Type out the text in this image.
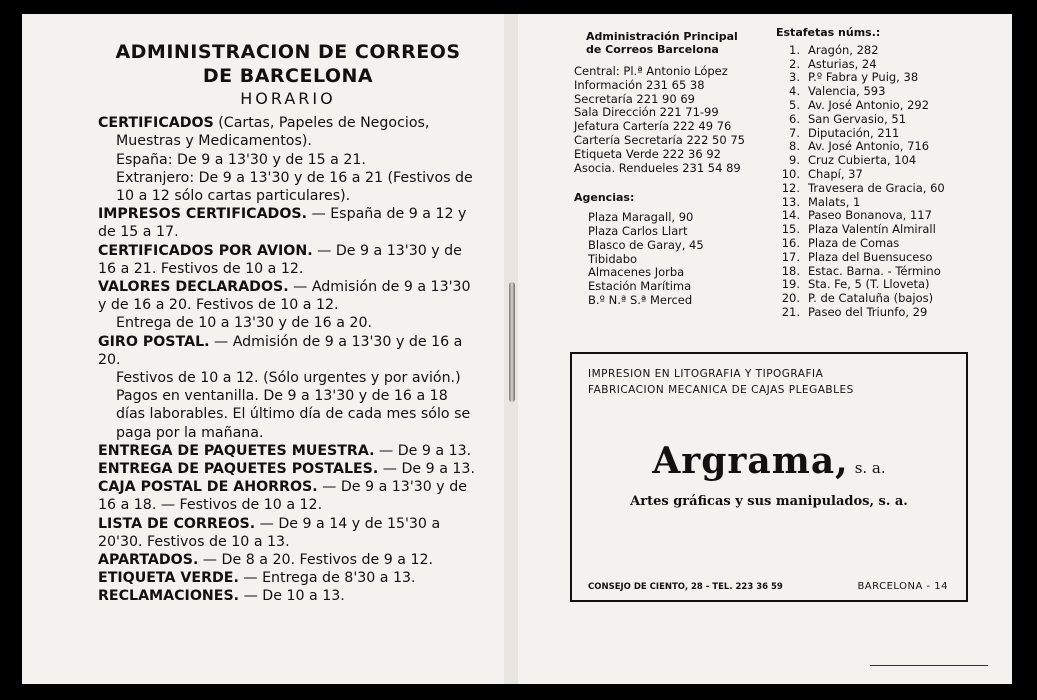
ADMINISTRACION DE CORREOS
DE BARCELONA
HORARIO

CERTIFICADOS (Cartas, Papeles de Negocios,

Muestras y Medicamentos).

España: De 9 a 13'30 y de 15 a 21.

Extranjero: De 9 a 13'30 y de 16 a 21 (Festivos de 10 a 12 sólo cartas particulares).

IMPRESOS CERTIFICADOS. — España de 9 a 12 y de 15 a 17.

CERTIFICADOS POR AVION. — De 9 a 13'30 y de 16 a 21. Festivos de 10 a 12.

VALORES DECLARADOS. — Admisión de 9 a 13'30 y de 16 a 20. Festivos de 10 a 12.

Entrega de 10 a 13'30 y de 16 a 20.

GIRO POSTAL. — Admisión de 9 a 13'30 y de 16 a 20.

Festivos de 10 a 12. (Sólo urgentes y por avión.)

Pagos en ventanilla. De 9 a 13'30 y de 16 a 18 días laborables. El último día de cada mes sólo se paga por la mañana.

ENTREGA DE PAQUETES MUESTRA. — De 9 a 13.

ENTREGA DE PAQUETES POSTALES. — De 9 a 13.

CAJA POSTAL DE AHORROS. — De 9 a 13'30 y de 16 a 18. — Festivos de 10 a 12.

LISTA DE CORREOS. — De 9 a 14 y de 15'30 a 20'30. Festivos de 10 a 13.

APARTADOS. — De 8 a 20. Festivos de 9 a 12.

ETIQUETA VERDE. — Entrega de 8'30 a 13.

RECLAMACIONES. — De 10 a 13.

Administración Principal
de Correos Barcelona
Central: Pl.ª Antonio López
Información 231 65 38
Secretaría 221 90 69
Sala Dirección 221 71-99
Jefatura Cartería 222 49 76
Cartería Secretaría 222 50 75
Etiqueta Verde 222 36 92
Asocia. Rendueles 231 54 89
Agencias:
Plaza Maragall, 90
Plaza Carlos Llart
Blasco de Garay, 45
Tibidabo
Almacenes Jorba
Estación Marítima
B.º N.ª S.ª Merced
Estafetas núms.:
1. Aragón, 282
2. Asturias, 24
3. P.º Fabra y Puig, 38
4. Valencia, 593
5. Av. José Antonio, 292
6. San Gervasio, 51
7. Diputación, 211
8. Av. José Antonio, 716
9. Cruz Cubierta, 104
10. Chapí, 37
12. Travesera de Gracia, 60
13. Malats, 1
14. Paseo Bonanova, 117
15. Plaza Valentín Almirall
16. Plaza de Comas
17. Plaza del Buensuceso
18. Estac. Barna. - Término
19. Sta. Fe, 5 (T. Lloveta)
20. P. de Cataluña (bajos)
21. Paseo del Triunfo, 29
IMPRESION EN LITOGRAFIA Y TIPOGRAFIA
FABRICACION MECANICA DE CAJAS PLEGABLES
Argrama, s. a.
Artes gráficas y sus manipulados, s. a.
CONSEJO DE CIENTO, 28 - TEL. 223 36 59	BARCELONA - 14
